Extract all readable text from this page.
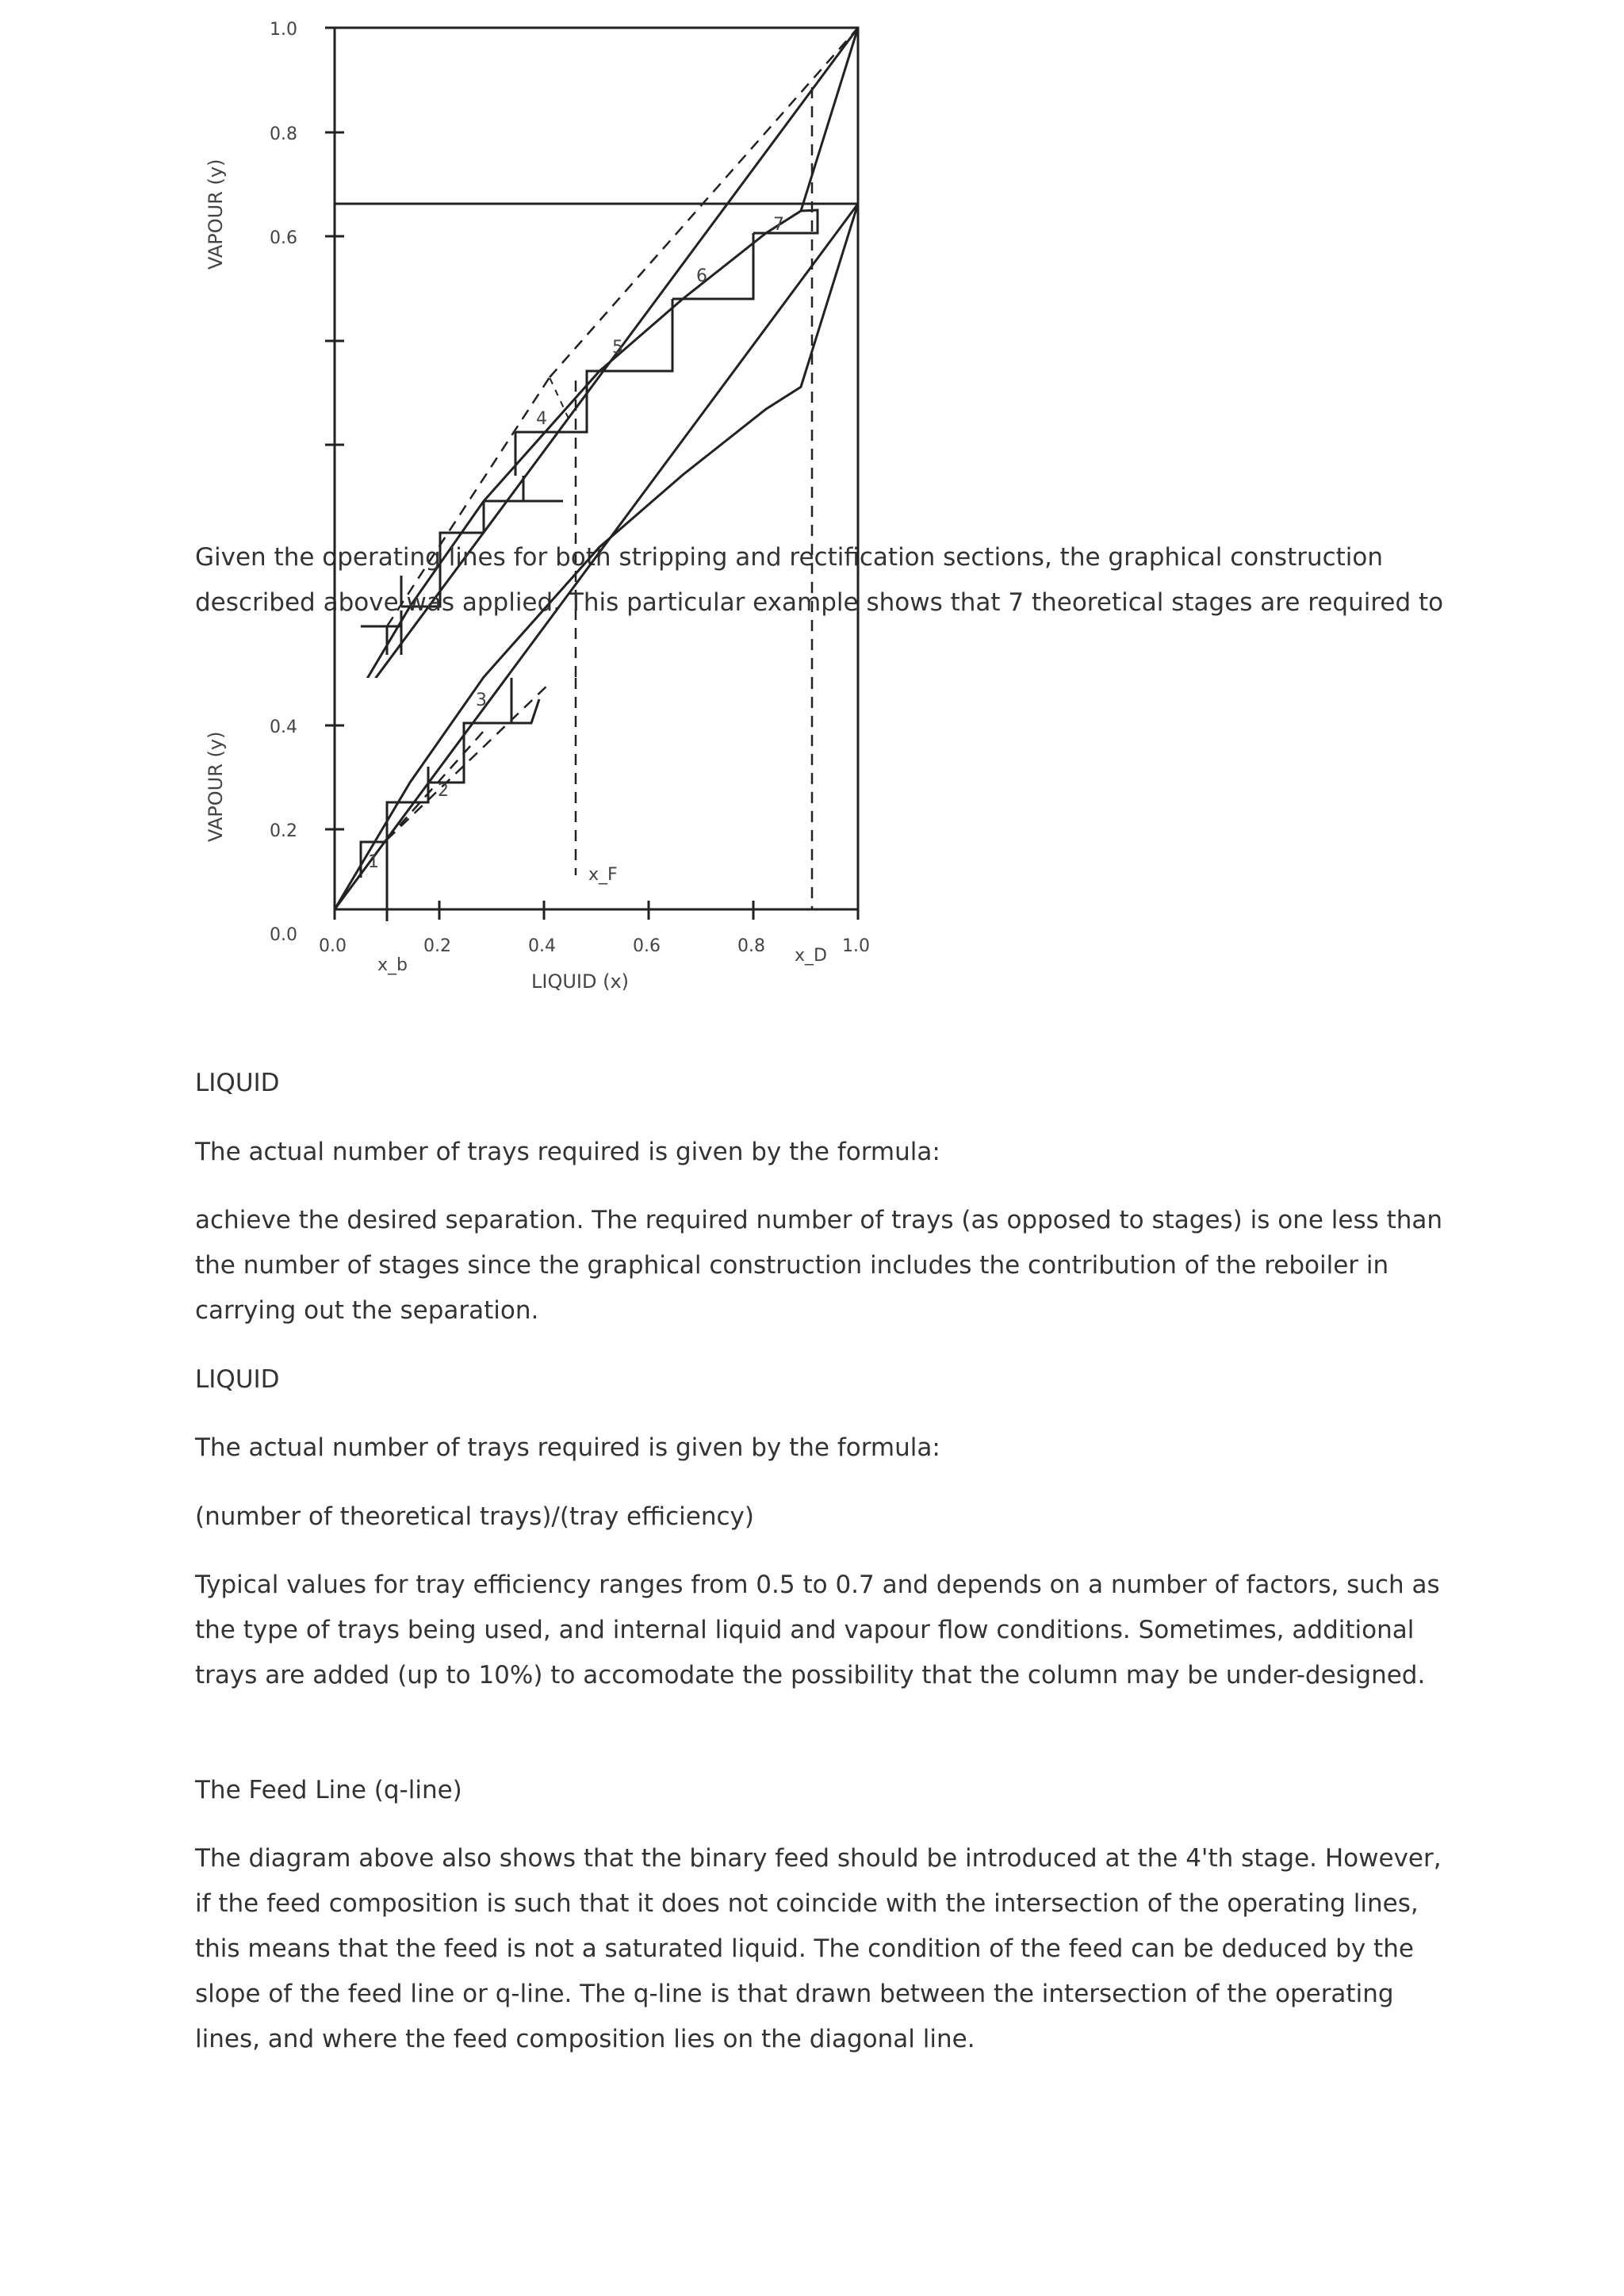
1.0
0.8
0.6
VAPOUR (y)	7
6
5
4

Given the operating lines for both stripping and rectification sections, the graphical construction described above was applied. This particular example shows that 7 theoretical stages are required to

0.4
0.2
0.0
0.0	0.2	0.4	0.6	0.8	1.0
LIQUID (x)
VAPOUR (y)
3
2
1
x_F
x_b	x_D

LIQUID

The actual number of trays required is given by the formula:

achieve the desired separation. The required number of trays (as opposed to stages) is one less than the number of stages since the graphical construction includes the contribution of the reboiler in carrying out the separation.

LIQUID

The actual number of trays required is given by the formula:

(number of theoretical trays)/(tray efficiency)

Typical values for tray efficiency ranges from 0.5 to 0.7 and depends on a number of factors, such as the type of trays being used, and internal liquid and vapour flow conditions. Sometimes, additional trays are added (up to 10%) to accomodate the possibility that the column may be under-designed.

The Feed Line (q-line)

The diagram above also shows that the binary feed should be introduced at the 4'th stage. However, if the feed composition is such that it does not coincide with the intersection of the operating lines, this means that the feed is not a saturated liquid. The condition of the feed can be deduced by the slope of the feed line or q-line. The q-line is that drawn between the intersection of the operating lines, and where the feed composition lies on the diagonal line.
